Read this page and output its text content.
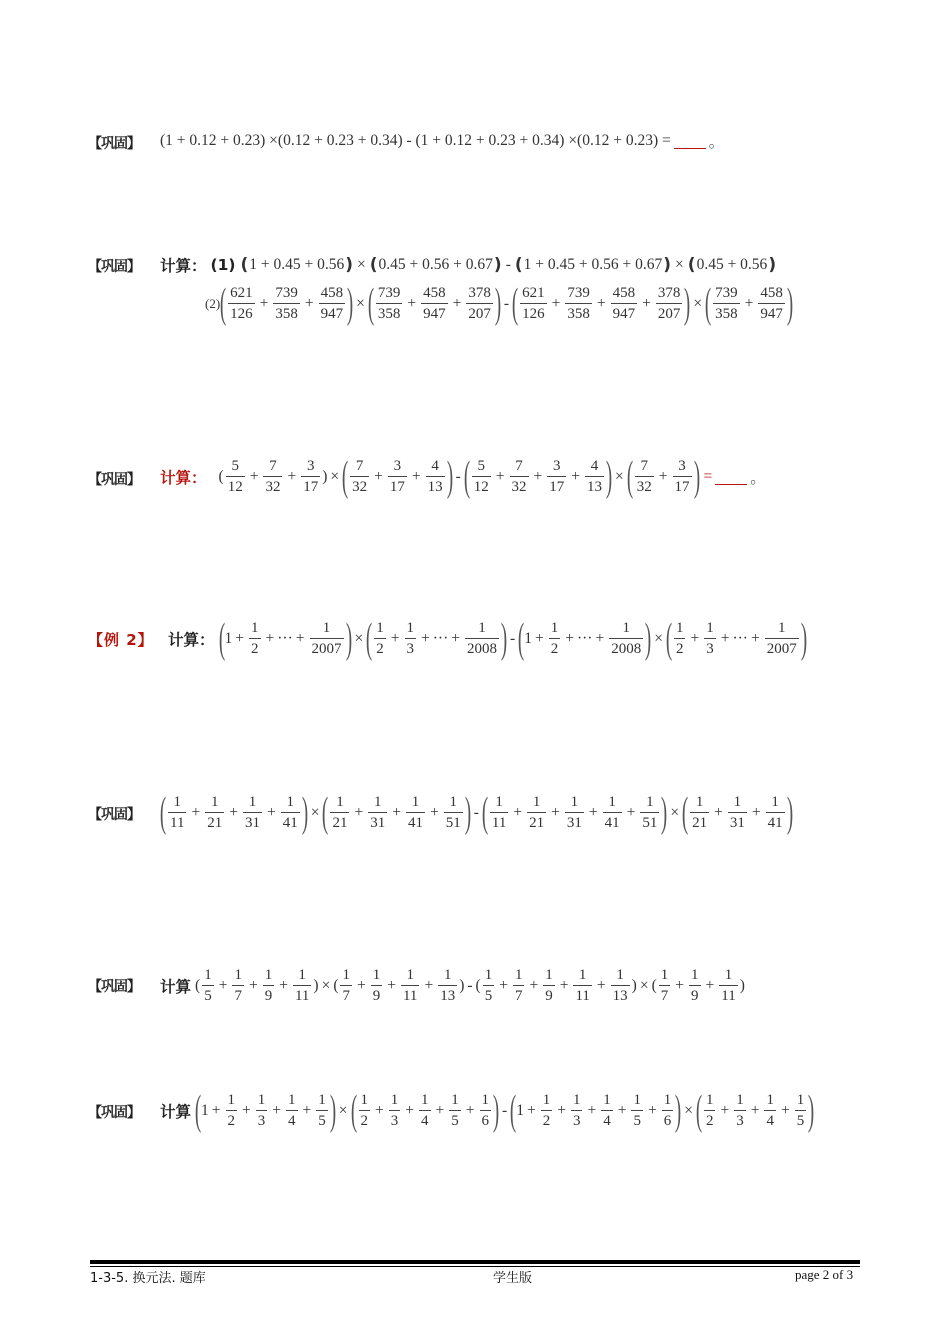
【巩固】 (1 + 0.12 + 0.23) ×(0.12 + 0.23 + 0.34) - (1 + 0.12 + 0.23 + 0.34) ×(0.12 + 0.23) = 。
【巩固】 计算： (1) ( 1 + 0.45 + 0.56 ) × ( 0.45 + 0.56 + 0.67 ) - ( 1 + 0.45 + 0.56 + 0.67 ) × ( 0.45 + 0.56 )
(2) ( $\frac{621}{126} + \frac{739}{358} + \frac{458}{947}$ ) × ( $\frac{739}{358} + \frac{458}{947} + \frac{378}{207}$ ) - ( $\frac{621}{126} + \frac{739}{358} + \frac{458}{947} + \frac{378}{207}$ ) × ( $\frac{739}{358} + \frac{458}{947}$ )
【巩固】 计算： ( $\frac{5}{12} + \frac{7}{32} + \frac{3}{17}$ ) × ( $\frac{7}{32} + \frac{3}{17} + \frac{4}{13}$ ) - ( $\frac{5}{12} + \frac{7}{32} + \frac{3}{17} + \frac{4}{13}$ ) × ( $\frac{7}{32} + \frac{3}{17}$ ) = 。
【例 2】 计算： ( $1 + \frac{1}{2}$ + ··· + $\frac{1}{2007}$ ) × ( $\frac{1}{2} + \frac{1}{3}$ + ··· + $\frac{1}{2008}$ ) - ( $1 + \frac{1}{2}$ + ··· + $\frac{1}{2008}$ ) × ( $\frac{1}{2} + \frac{1}{3}$ + ··· + $\frac{1}{2007}$ )
【巩固】 ( $\frac{1}{11} + \frac{1}{21} + \frac{1}{31} + \frac{1}{41}$ ) × ( $\frac{1}{21} + \frac{1}{31} + \frac{1}{41} + \frac{1}{51}$ ) - ( $\frac{1}{11} + \frac{1}{21} + \frac{1}{31} + \frac{1}{41} + \frac{1}{51}$ ) × ( $\frac{1}{21} + \frac{1}{31} + \frac{1}{41}$ )
【巩固】 计算 ( $\frac{1}{5} + \frac{1}{7} + \frac{1}{9} + \frac{1}{11}$ ) × ( $\frac{1}{7} + \frac{1}{9} + \frac{1}{11} + \frac{1}{13}$ ) - ( $\frac{1}{5} + \frac{1}{7} + \frac{1}{9} + \frac{1}{11} + \frac{1}{13}$ ) × ( $\frac{1}{7} + \frac{1}{9} + \frac{1}{11}$ )
【巩固】 计算 ( $1 + \frac{1}{2} + \frac{1}{3} + \frac{1}{4} + \frac{1}{5}$ ) × ( $\frac{1}{2} + \frac{1}{3} + \frac{1}{4} + \frac{1}{5} + \frac{1}{6}$ ) - ( $1 + \frac{1}{2} + \frac{1}{3} + \frac{1}{4} + \frac{1}{5} + \frac{1}{6}$ ) × ( $\frac{1}{2} + \frac{1}{3} + \frac{1}{4} + \frac{1}{5}$ )
1-3-5. 换元法. 题库	学生版	page 2 of 3
